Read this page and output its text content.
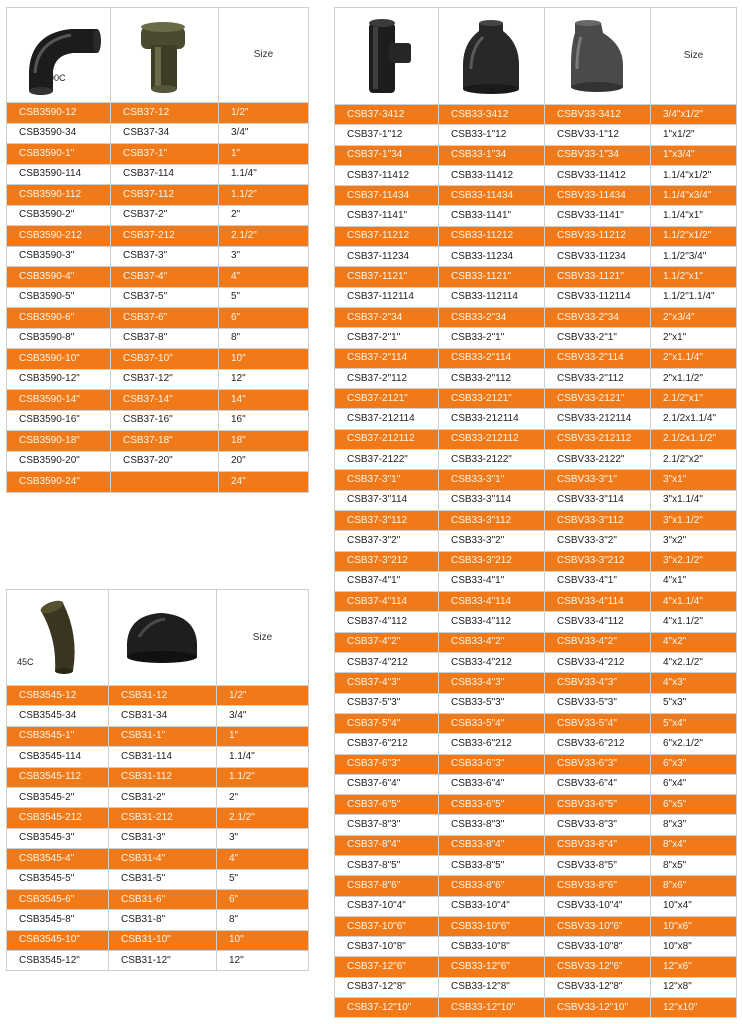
90C		Size
CSB3590-12	CSB37-12	1/2"
CSB3590-34	CSB37-34	3/4"
CSB3590-1"	CSB37-1"	1"
CSB3590-114	CSB37-114	1.1/4"
CSB3590-112	CSB37-112	1.1/2"
CSB3590-2"	CSB37-2"	2"
CSB3590-212	CSB37-212	2.1/2"
CSB3590-3"	CSB37-3"	3"
CSB3590-4"	CSB37-4"	4"
CSB3590-5"	CSB37-5"	5"
CSB3590-6"	CSB37-6"	6"
CSB3590-8"	CSB37-8"	8"
CSB3590-10"	CSB37-10"	10"
CSB3590-12"	CSB37-12"	12"
CSB3590-14"	CSB37-14"	14"
CSB3590-16"	CSB37-16"	16"
CSB3590-18"	CSB37-18"	18"
CSB3590-20"	CSB37-20"	20"
CSB3590-24"		24"
45C		Size
CSB3545-12	CSB31-12	1/2"
CSB3545-34	CSB31-34	3/4"
CSB3545-1"	CSB31-1"	1"
CSB3545-114	CSB31-114	1.1/4"
CSB3545-112	CSB31-112	1.1/2"
CSB3545-2"	CSB31-2"	2"
CSB3545-212	CSB31-212	2.1/2"
CSB3545-3"	CSB31-3"	3"
CSB3545-4"	CSB31-4"	4"
CSB3545-5"	CSB31-5"	5"
CSB3545-6"	CSB31-6"	6"
CSB3545-8"	CSB31-8"	8"
CSB3545-10"	CSB31-10"	10"
CSB3545-12"	CSB31-12"	12"

	Size
CSB37-3412	CSB33-3412	CSBV33-3412	3/4"x1/2"
CSB37-1"12	CSB33-1"12	CSBV33-1"12	1"x1/2"
CSB37-1"34	CSB33-1"34	CSBV33-1"34	1"x3/4"
CSB37-11412	CSB33-11412	CSBV33-11412	1.1/4"x1/2"
CSB37-11434	CSB33-11434	CSBV33-11434	1.1/4"x3/4"
CSB37-1141"	CSB33-1141"	CSBV33-1141"	1.1/4"x1"
CSB37-11212	CSB33-11212	CSBV33-11212	1.1/2"x1/2"
CSB37-11234	CSB33-11234	CSBV33-11234	1.1/2"3/4"
CSB37-1121"	CSB33-1121"	CSBV33-1121"	1.1/2"x1"
CSB37-112114	CSB33-112114	CSBV33-112114	1.1/2"1.1/4"
CSB37-2"34	CSB33-2"34	CSBV33-2"34	2"x3/4"
CSB37-2"1"	CSB33-2"1"	CSBV33-2"1"	2"x1"
CSB37-2"114	CSB33-2"114	CSBV33-2"114	2"x1.1/4"
CSB37-2"112	CSB33-2"112	CSBV33-2"112	2"x1.1/2"
CSB37-2121"	CSB33-2121"	CSBV33-2121"	2.1/2"x1"
CSB37-212114	CSB33-212114	CSBV33-212114	2.1/2x1.1/4"
CSB37-212112	CSB33-212112	CSBV33-212112	2.1/2x1.1/2"
CSB37-2122"	CSB33-2122"	CSBV33-2122"	2.1/2"x2"
CSB37-3"1"	CSB33-3"1"	CSBV33-3"1"	3"x1"
CSB37-3"114	CSB33-3"114	CSBV33-3"114	3"x1.1/4"
CSB37-3"112	CSB33-3"112	CSBV33-3"112	3"x1.1/2"
CSB37-3"2"	CSB33-3"2"	CSBV33-3"2"	3"x2"
CSB37-3"212	CSB33-3"212	CSBV33-3"212	3"x2.1/2"
CSB37-4"1"	CSB33-4"1"	CSBV33-4"1"	4"x1"
CSB37-4"114	CSB33-4"114	CSBV33-4"114	4"x1.1/4"
CSB37-4"112	CSB33-4"112	CSBV33-4"112	4"x1.1/2"
CSB37-4"2"	CSB33-4"2"	CSBV33-4"2"	4"x2"
CSB37-4"212	CSB33-4"212	CSBV33-4"212	4"x2.1/2"
CSB37-4"3"	CSB33-4"3"	CSBV33-4"3"	4"x3"
CSB37-5"3"	CSB33-5"3"	CSBV33-5"3"	5"x3"
CSB37-5"4"	CSB33-5"4"	CSBV33-5"4"	5"x4"
CSB37-6"212	CSB33-6"212	CSBV33-6"212	6"x2.1/2"
CSB37-6"3"	CSB33-6"3"	CSBV33-6"3"	6"x3"
CSB37-6"4"	CSB33-6"4"	CSBV33-6"4"	6"x4"
CSB37-6"5"	CSB33-6"5"	CSBV33-6"5"	6"x5"
CSB37-8"3"	CSB33-8"3"	CSBV33-8"3"	8"x3"
CSB37-8"4"	CSB33-8"4"	CSBV33-8"4"	8"x4"
CSB37-8"5"	CSB33-8"5"	CSBV33-8"5"	8"x5"
CSB37-8"6"	CSB33-8"6"	CSBV33-8"6"	8"x6"
CSB37-10"4"	CSB33-10"4"	CSBV33-10"4"	10"x4"
CSB37-10"6"	CSB33-10"6"	CSBV33-10"6"	10"x6"
CSB37-10"8"	CSB33-10"8"	CSBV33-10"8"	10"x8"
CSB37-12"6"	CSB33-12"6"	CSBV33-12"6"	12"x6"
CSB37-12"8"	CSB33-12"8"	CSBV33-12"8"	12"x8"
CSB37-12"10"	CSB33-12"10"	CSBV33-12"10"	12"x10"
